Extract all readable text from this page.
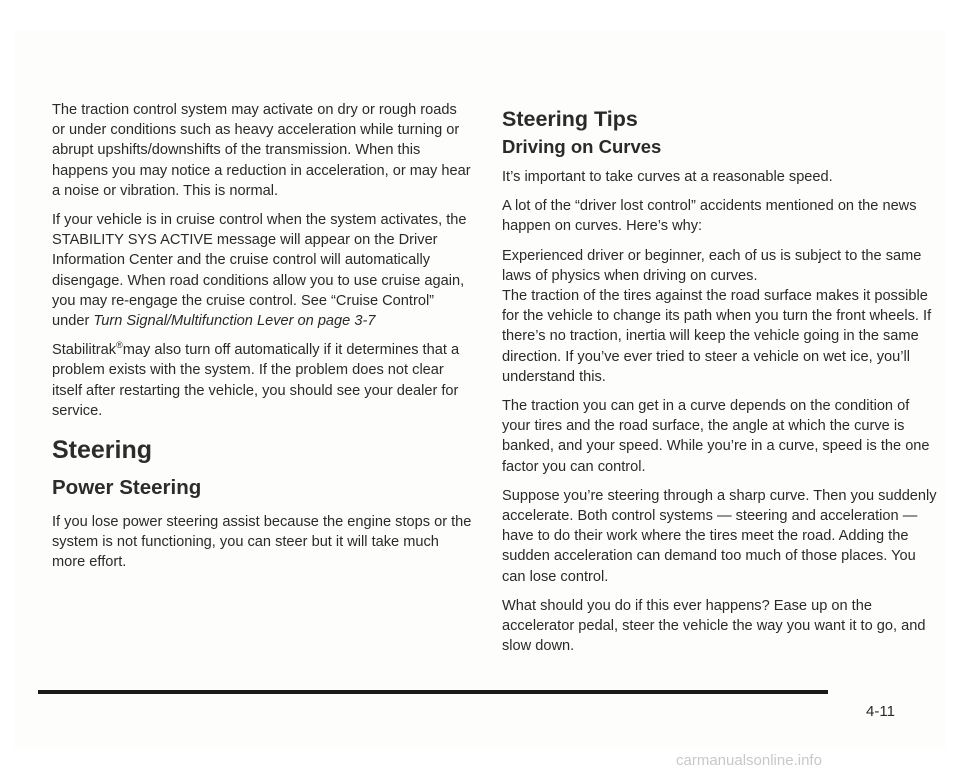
The traction control system may activate on dry or rough roads or under conditions such as heavy acceleration while turning or abrupt upshifts/downshifts of the transmission. When this happens you may notice a reduction in acceleration, or may hear a noise or vibration. This is normal.

If your vehicle is in cruise control when the system activates, the STABILITY SYS ACTIVE message will appear on the Driver Information Center and the cruise control will automatically disengage. When road conditions allow you to use cruise again, you may re-engage the cruise control. See “Cruise Control” under Turn Signal/Multifunction Lever on page 3-7

Stabilitrak®may also turn off automatically if it determines that a problem exists with the system. If the problem does not clear itself after restarting the vehicle, you should see your dealer for service.

Steering
Power Steering

If you lose power steering assist because the engine stops or the system is not functioning, you can steer but it will take much more effort.

Steering Tips
Driving on Curves

It’s important to take curves at a reasonable speed.

A lot of the “driver lost control” accidents mentioned on the news happen on curves. Here’s why:

Experienced driver or beginner, each of us is subject to the same laws of physics when driving on curves.

The traction of the tires against the road surface makes it possible for the vehicle to change its path when you turn the front wheels. If there’s no traction, inertia will keep the vehicle going in the same direction. If you’ve ever tried to steer a vehicle on wet ice, you’ll understand this.

The traction you can get in a curve depends on the condition of your tires and the road surface, the angle at which the curve is banked, and your speed. While you’re in a curve, speed is the one factor you can control.

Suppose you’re steering through a sharp curve. Then you suddenly accelerate. Both control systems — steering and acceleration — have to do their work where the tires meet the road. Adding the sudden acceleration can demand too much of those places. You can lose control.

What should you do if this ever happens? Ease up on the accelerator pedal, steer the vehicle the way you want it to go, and slow down.

4-11
carmanualsonline.info
